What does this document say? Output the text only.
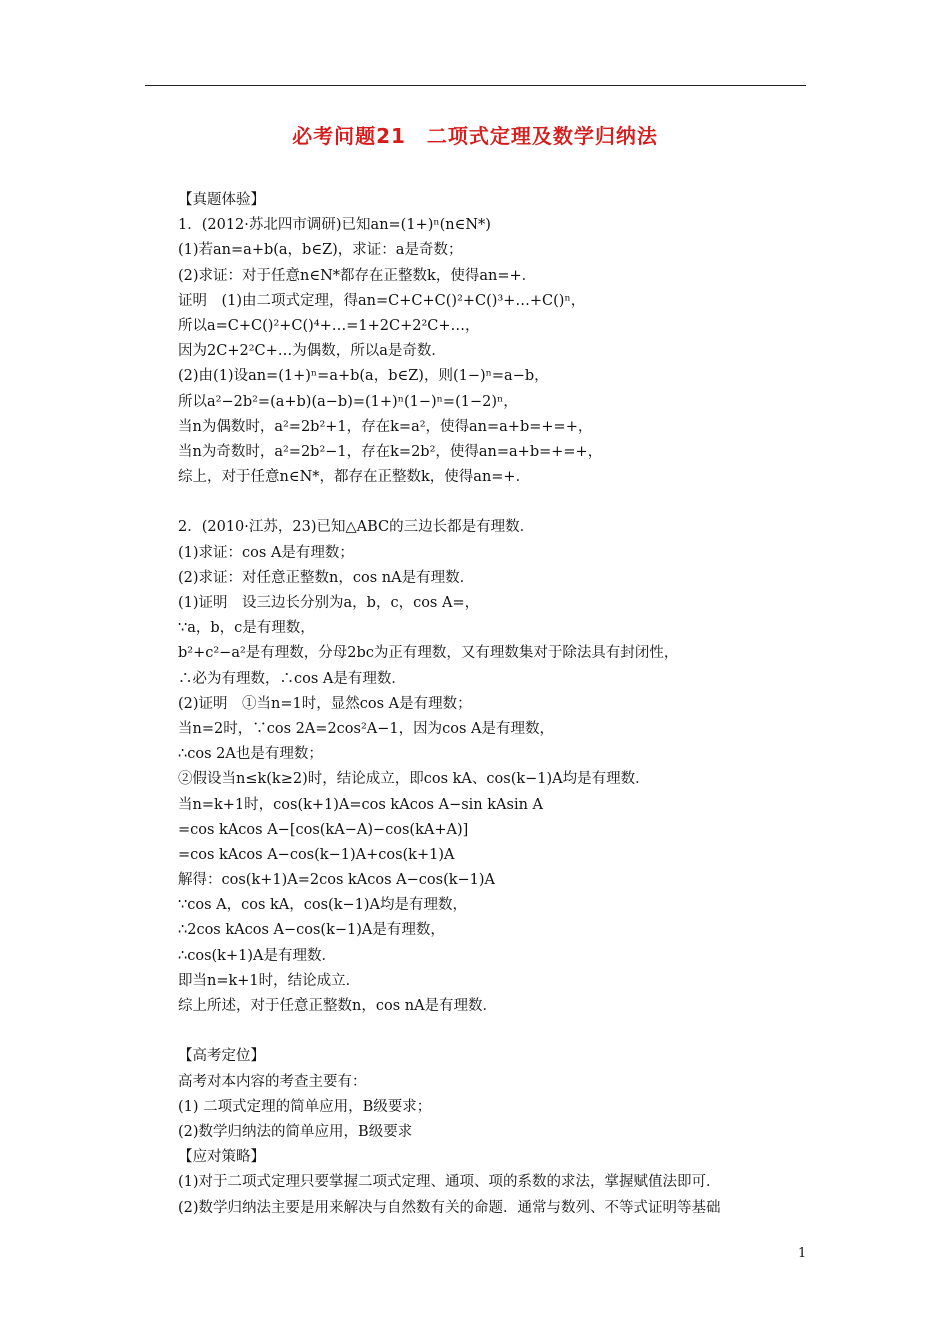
必考问题21　二项式定理及数学归纳法
【真题体验】
1．(2012·苏北四市调研)已知an=(1+)ⁿ(n∈N*)
(1)若an=a+b(a，b∈Z)，求证：a是奇数；
(2)求证：对于任意n∈N*都存在正整数k，使得an=+．
证明　(1)由二项式定理，得an=C+C+C()²+C()³+…+C()ⁿ，
所以a=C+C()²+C()⁴+…=1+2C+2²C+…，
因为2C+2²C+…为偶数，所以a是奇数．
(2)由(1)设an=(1+)ⁿ=a+b(a，b∈Z)，则(1−)ⁿ=a−b，
所以a²−2b²=(a+b)(a−b)=(1+)ⁿ(1−)ⁿ=(1−2)ⁿ，
当n为偶数时，a²=2b²+1，存在k=a²，使得an=a+b=+=+，
当n为奇数时，a²=2b²−1，存在k=2b²，使得an=a+b=+=+，
综上，对于任意n∈N*，都存在正整数k，使得an=+．
2．(2010·江苏，23)已知△ABC的三边长都是有理数．
(1)求证：cos A是有理数；
(2)求证：对任意正整数n，cos nA是有理数．
(1)证明　设三边长分别为a，b，c，cos A=，
∵a，b，c是有理数，
b²+c²−a²是有理数，分母2bc为正有理数，又有理数集对于除法具有封闭性，
∴必为有理数，∴cos A是有理数．
(2)证明　①当n=1时，显然cos A是有理数；
当n=2时，∵cos 2A=2cos²A−1，因为cos A是有理数，
∴cos 2A也是有理数；
②假设当n≤k(k≥2)时，结论成立，即cos kA、cos(k−1)A均是有理数．
当n=k+1时，cos(k+1)A=cos kAcos A−sin kAsin A
=cos kAcos A−[cos(kA−A)−cos(kA+A)]
=cos kAcos A−cos(k−1)A+cos(k+1)A
解得：cos(k+1)A=2cos kAcos A−cos(k−1)A
∵cos A，cos kA，cos(k−1)A均是有理数，
∴2cos kAcos A−cos(k−1)A是有理数，
∴cos(k+1)A是有理数．
即当n=k+1时，结论成立．
综上所述，对于任意正整数n，cos nA是有理数．
【高考定位】
高考对本内容的考查主要有：
(1) 二项式定理的简单应用，B级要求；
(2)数学归纳法的简单应用，B级要求
【应对策略】
(1)对于二项式定理只要掌握二项式定理、通项、项的系数的求法，掌握赋值法即可．
(2)数学归纳法主要是用来解决与自然数有关的命题．通常与数列、不等式证明等基础
1
